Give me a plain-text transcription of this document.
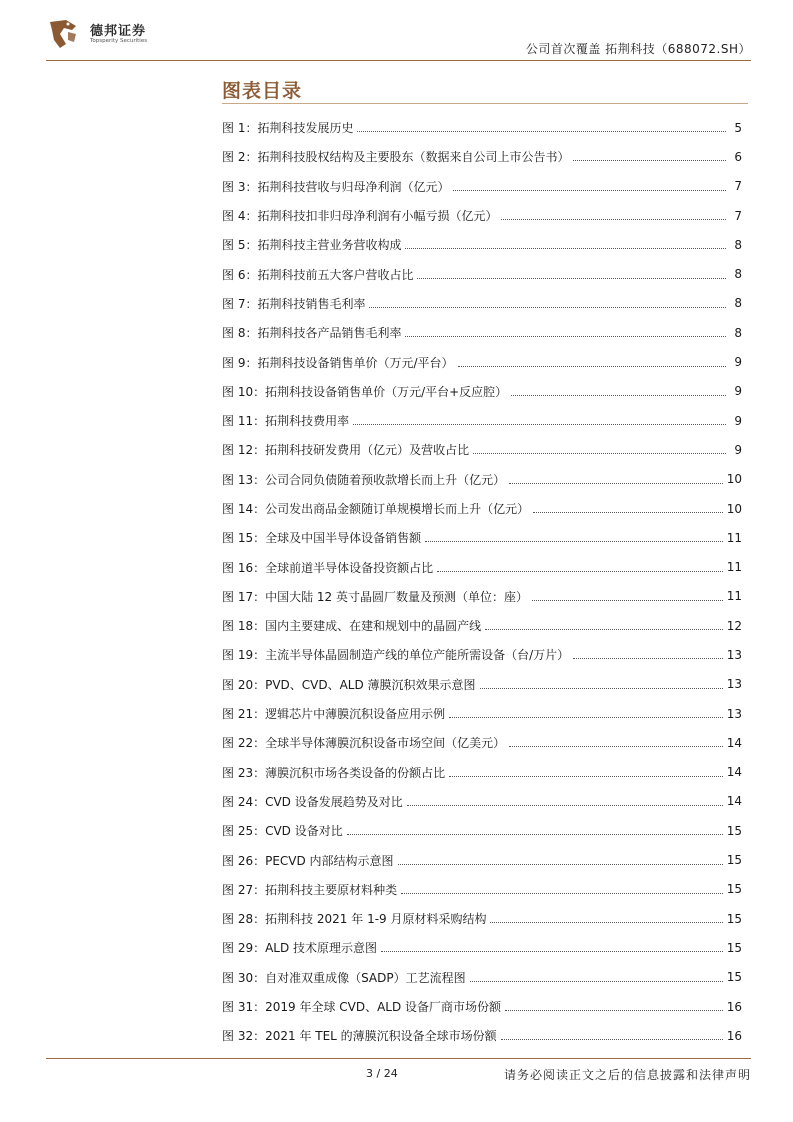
德邦证券
Topsperity Securities
公司首次覆盖 拓荆科技（688072.SH）
图表目录
图 1：拓荆科技发展历史	5
图 2：拓荆科技股权结构及主要股东（数据来自公司上市公告书）	6
图 3：拓荆科技营收与归母净利润（亿元）	7
图 4：拓荆科技扣非归母净利润有小幅亏损（亿元）	7
图 5：拓荆科技主营业务营收构成	8
图 6：拓荆科技前五大客户营收占比	8
图 7：拓荆科技销售毛利率	8
图 8：拓荆科技各产品销售毛利率	8
图 9：拓荆科技设备销售单价（万元/平台）	9
图 10：拓荆科技设备销售单价（万元/平台+反应腔）	9
图 11：拓荆科技费用率	9
图 12：拓荆科技研发费用（亿元）及营收占比	9
图 13：公司合同负债随着预收款增长而上升（亿元）	10
图 14：公司发出商品金额随订单规模增长而上升（亿元）	10
图 15：全球及中国半导体设备销售额	11
图 16：全球前道半导体设备投资额占比	11
图 17：中国大陆 12 英寸晶圆厂数量及预测（单位：座）	11
图 18：国内主要建成、在建和规划中的晶圆产线	12
图 19：主流半导体晶圆制造产线的单位产能所需设备（台/万片）	13
图 20：PVD、CVD、ALD 薄膜沉积效果示意图	13
图 21：逻辑芯片中薄膜沉积设备应用示例	13
图 22：全球半导体薄膜沉积设备市场空间（亿美元）	14
图 23：薄膜沉积市场各类设备的份额占比	14
图 24：CVD 设备发展趋势及对比	14
图 25：CVD 设备对比	15
图 26：PECVD 内部结构示意图	15
图 27：拓荆科技主要原材料种类	15
图 28：拓荆科技 2021 年 1-9 月原材料采购结构	15
图 29：ALD 技术原理示意图	15
图 30：自对准双重成像（SADP）工艺流程图	15
图 31：2019 年全球 CVD、ALD 设备厂商市场份额	16
图 32：2021 年 TEL 的薄膜沉积设备全球市场份额	16
3 / 24	请务必阅读正文之后的信息披露和法律声明
